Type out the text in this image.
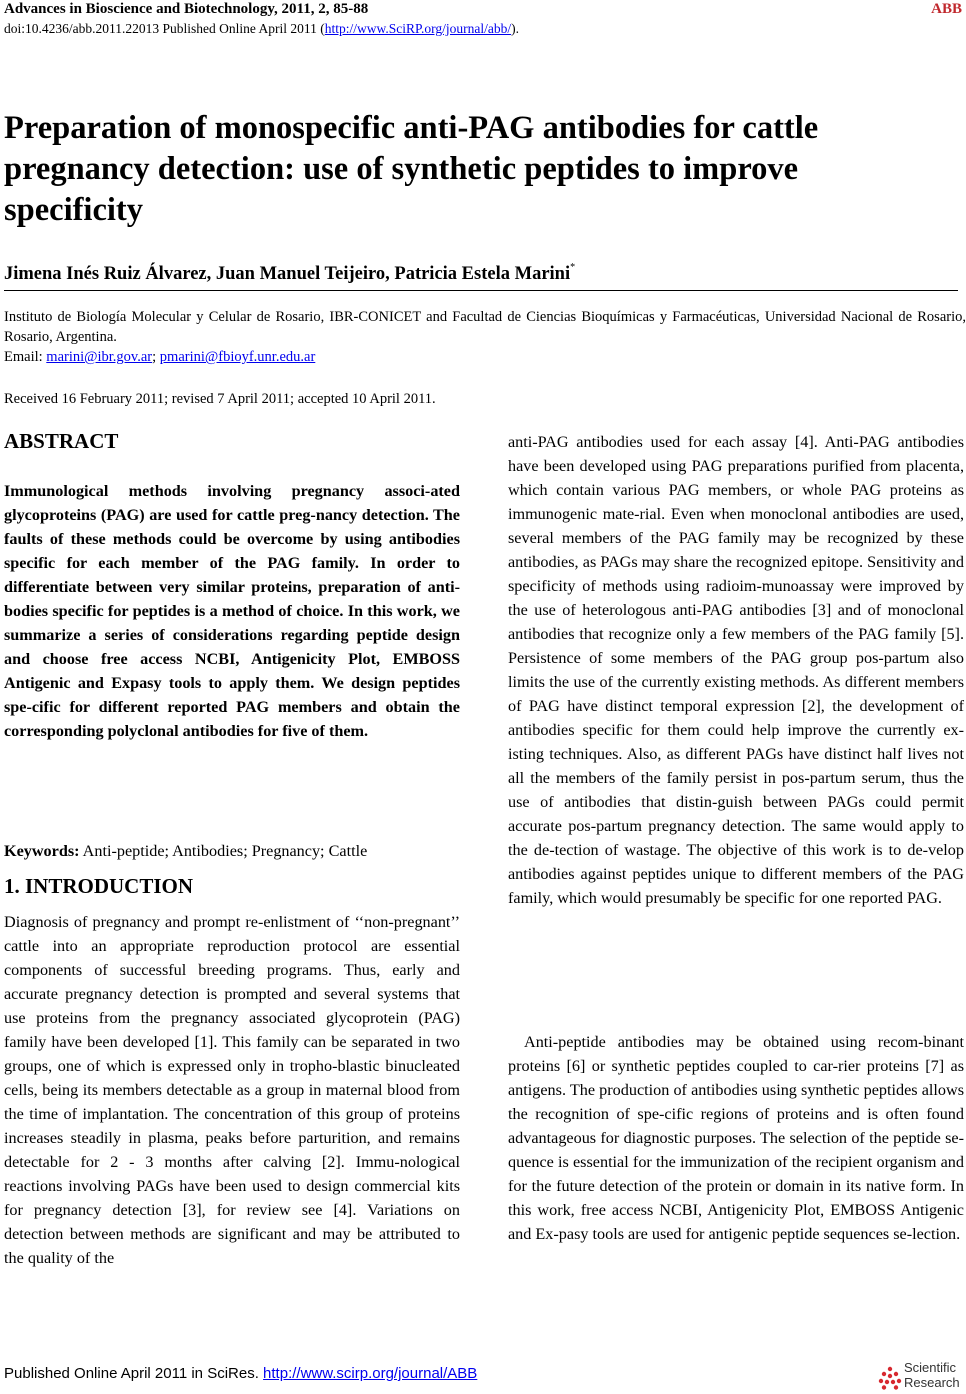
Advances in Bioscience and Biotechnology, 2011, 2, 85-88	ABB
doi:10.4236/abb.2011.22013 Published Online April 2011 (http://www.SciRP.org/journal/abb/).
Preparation of monospecific anti-PAG antibodies for cattle
pregnancy detection: use of synthetic peptides to improve
specificity
Jimena Inés Ruiz Álvarez, Juan Manuel Teijeiro, Patricia Estela Marini*
Instituto de Biología Molecular y Celular de Rosario, IBR-CONICET and Facultad de Ciencias Bioquímicas y Farmacéuticas, Universidad Nacional de Rosario, Rosario, Argentina.
Email: marini@ibr.gov.ar; pmarini@fbioyf.unr.edu.ar
Received 16 February 2011; revised 7 April 2011; accepted 10 April 2011.
ABSTRACT

Immunological methods involving pregnancy associ-ated glycoproteins (PAG) are used for cattle preg-nancy detection. The faults of these methods could be overcome by using antibodies specific for each member of the PAG family. In order to differentiate between very similar proteins, preparation of anti-bodies specific for peptides is a method of choice. In this work, we summarize a series of considerations regarding peptide design and choose free access NCBI, Antigenicity Plot, EMBOSS Antigenic and Expasy tools to apply them. We design peptides spe-cific for different reported PAG members and obtain the corresponding polyclonal antibodies for five of them.

Keywords: Anti-peptide; Antibodies; Pregnancy; Cattle
1. INTRODUCTION

Diagnosis of pregnancy and prompt re-enlistment of ‘‘non-pregnant’’ cattle into an appropriate reproduction protocol are essential components of successful breeding programs. Thus, early and accurate pregnancy detection is prompted and several systems that use proteins from the pregnancy associated glycoprotein (PAG) family have been developed [1]. This family can be separated in two groups, one of which is expressed only in tropho-blastic binucleated cells, being its members detectable as a group in maternal blood from the time of implantation. The concentration of this group of proteins increases steadily in plasma, peaks before parturition, and remains detectable for 2 - 3 months after calving [2]. Immu-nological reactions involving PAGs have been used to design commercial kits for pregnancy detection [3], for review see [4]. Variations on detection between methods are significant and may be attributed to the quality of the

anti-PAG antibodies used for each assay [4]. Anti-PAG antibodies have been developed using PAG preparations purified from placenta, which contain various PAG members, or whole PAG proteins as immunogenic mate-rial. Even when monoclonal antibodies are used, several members of the PAG family may be recognized by these antibodies, as PAGs may share the recognized epitope. Sensitivity and specificity of methods using radioim-munoassay were improved by the use of heterologous anti-PAG antibodies [3] and of monoclonal antibodies that recognize only a few members of the PAG family [5]. Persistence of some members of the PAG group pos-partum also limits the use of the currently existing methods. As different members of PAG have distinct temporal expression [2], the development of antibodies specific for them could help improve the currently ex-isting techniques. Also, as different PAGs have distinct half lives not all the members of the family persist in pos-partum serum, thus the use of antibodies that distin-guish between PAGs could permit accurate pos-partum pregnancy detection. The same would apply to the de-tection of wastage. The objective of this work is to de-velop antibodies against peptides unique to different members of the PAG family, which would presumably be specific for one reported PAG.

Anti-peptide antibodies may be obtained using recom-binant proteins [6] or synthetic peptides coupled to car-rier proteins [7] as antigens. The production of antibodies using synthetic peptides allows the recognition of spe-cific regions of proteins and is often found advantageous for diagnostic purposes. The selection of the peptide se-quence is essential for the immunization of the recipient organism and for the future detection of the protein or domain in its native form. In this work, free access NCBI, Antigenicity Plot, EMBOSS Antigenic and Ex-pasy tools are used for antigenic peptide sequences se-lection.

Published Online April 2011 in SciRes. http://www.scirp.org/journal/ABB	Scientific
Research
